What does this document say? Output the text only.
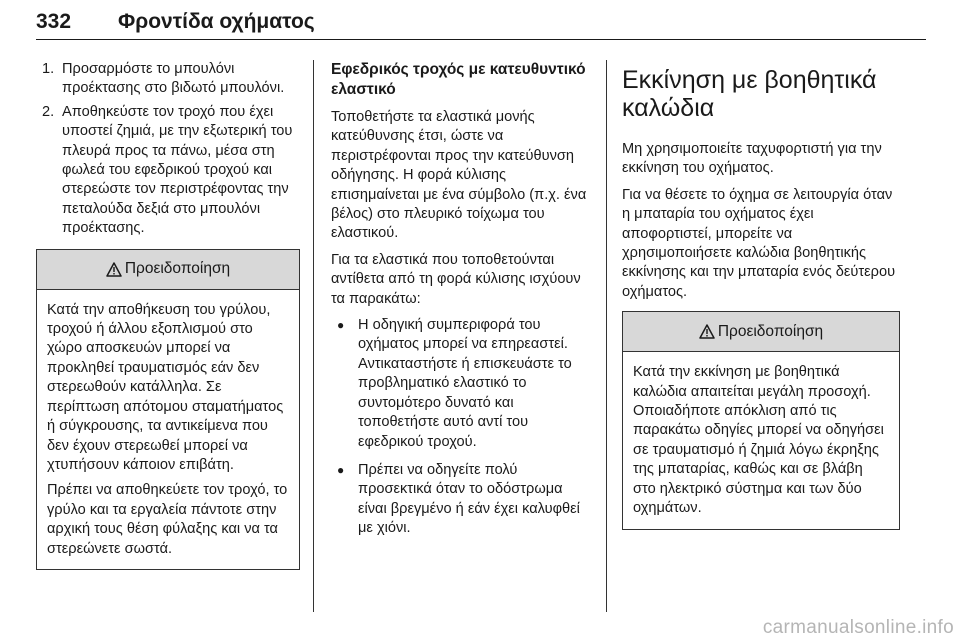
332 Φροντίδα οχήματος
1. Προσαρμόστε το μπουλόνι προέκτασης στο βιδωτό μπουλόνι.
2. Αποθηκεύστε τον τροχό που έχει υποστεί ζημιά, με την εξωτερική του πλευρά προς τα πάνω, μέσα στη φωλεά του εφεδρικού τροχού και στερεώστε τον περιστρέφοντας την πεταλούδα δεξιά στο μπουλόνι προέκτασης.
Προειδοποίηση

Κατά την αποθήκευση του γρύλου, τροχού ή άλλου εξοπλισμού στο χώρο αποσκευών μπορεί να προκληθεί τραυματισμός εάν δεν στερεωθούν κατάλληλα. Σε περίπτωση απότομου σταματήματος ή σύγκρουσης, τα αντικείμενα που δεν έχουν στερεωθεί μπορεί να χτυπήσουν κάποιον επιβάτη.

Πρέπει να αποθηκεύετε τον τροχό, το γρύλο και τα εργαλεία πάντοτε στην αρχική τους θέση φύλαξης και να τα στερεώνετε σωστά.

Εφεδρικός τροχός με κατευθυντικό ελαστικό

Τοποθετήστε τα ελαστικά μονής κατεύθυνσης έτσι, ώστε να περιστρέφονται προς την κατεύθυνση οδήγησης. Η φορά κύλισης επισημαίνεται με ένα σύμβολο (π.χ. ένα βέλος) στο πλευρικό τοίχωμα του ελαστικού.

Για τα ελαστικά που τοποθετούνται αντίθετα από τη φορά κύλισης ισχύουν τα παρακάτω:

● Η οδηγική συμπεριφορά του οχήματος μπορεί να επηρεαστεί. Αντικαταστήστε ή επισκευάστε το προβληματικό ελαστικό το συντομότερο δυνατό και τοποθετήστε αυτό αντί του εφεδρικού τροχού.
● Πρέπει να οδηγείτε πολύ προσεκτικά όταν το οδόστρωμα είναι βρεγμένο ή εάν έχει καλυφθεί με χιόνι.
Εκκίνηση με βοηθητικά καλώδια

Μη χρησιμοποιείτε ταχυφορτιστή για την εκκίνηση του οχήματος.

Για να θέσετε το όχημα σε λειτουργία όταν η μπαταρία του οχήματος έχει αποφορτιστεί, μπορείτε να χρησιμοποιήσετε καλώδια βοηθητικής εκκίνησης και την μπαταρία ενός δεύτερου οχήματος.

Προειδοποίηση

Κατά την εκκίνηση με βοηθητικά καλώδια απαιτείται μεγάλη προσοχή. Οποιαδήποτε απόκλιση από τις παρακάτω οδηγίες μπορεί να οδηγήσει σε τραυματισμό ή ζημιά λόγω έκρηξης της μπαταρίας, καθώς και σε βλάβη στο ηλεκτρικό σύστημα και των δύο οχημάτων.

carmanualsonline.info
